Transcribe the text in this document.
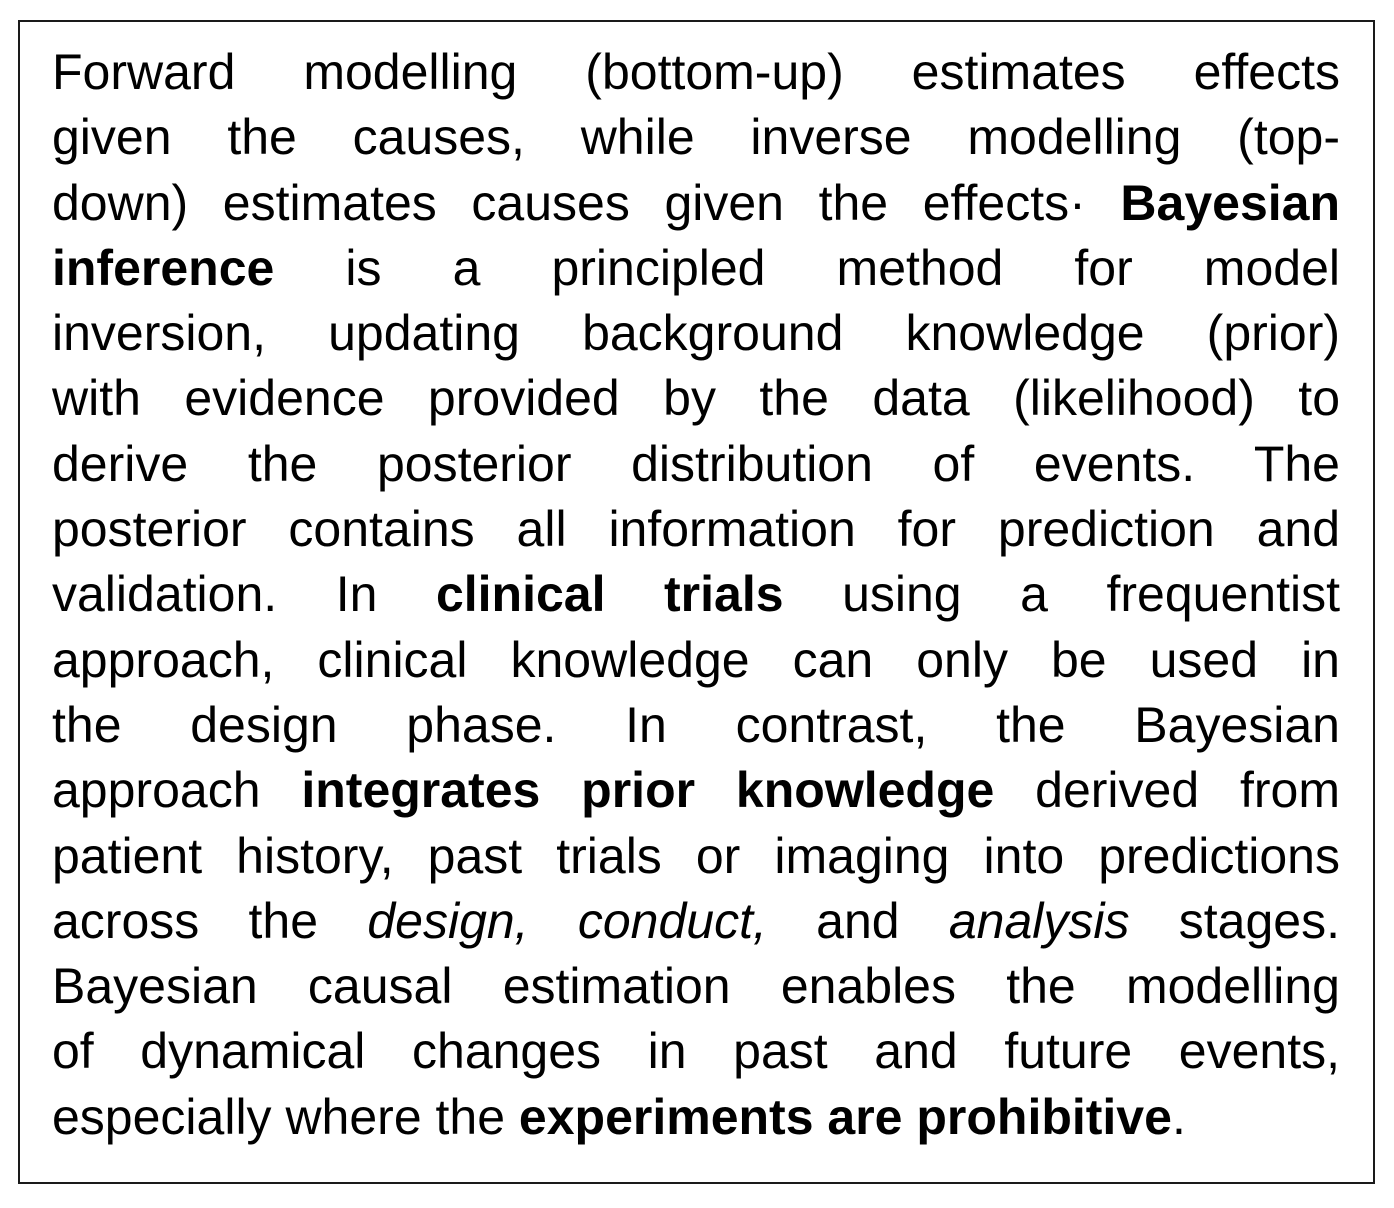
Forward modelling (bottom-up) estimates effects
given the causes, while inverse modelling (top-
down) estimates causes given the effects· Bayesian
inference is a principled method for model
inversion, updating background knowledge (prior)
with evidence provided by the data (likelihood) to
derive the posterior distribution of events. The
posterior contains all information for prediction and
validation. In clinical trials using a frequentist
approach, clinical knowledge can only be used in
the design phase. In contrast, the Bayesian
approach integrates prior knowledge derived from
patient history, past trials or imaging into predictions
across the design, conduct, and analysis stages.
Bayesian causal estimation enables the modelling
of dynamical changes in past and future events,
especially where the experiments are prohibitive.
